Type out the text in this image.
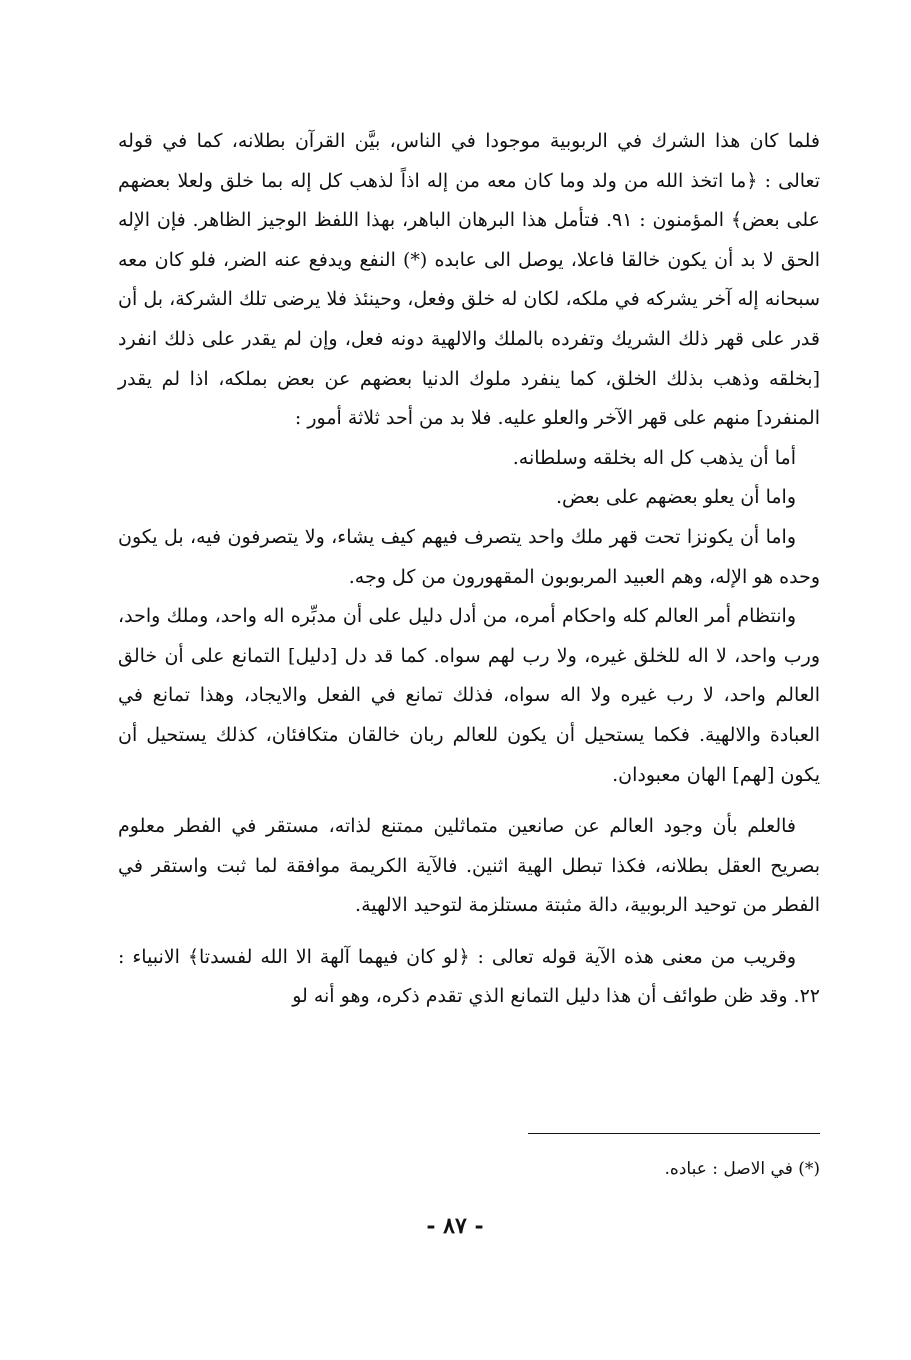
فلما كان هذا الشرك في الربوبية موجودا في الناس، بيَّن القرآن بطلانه، كما في قوله تعالى : ﴿ما اتخذ الله من ولد وما كان معه من إله اذاً لذهب كل إله بما خلق ولعلا بعضهم على بعض﴾ المؤمنون : ٩١. فتأمل هذا البرهان الباهر، بهذا اللفظ الوجيز الظاهر. فإن الإله الحق لا بد أن يكون خالقا فاعلا، يوصل الى عابده (*) النفع ويدفع عنه الضر، فلو كان معه سبحانه إله آخر يشركه في ملكه، لكان له خلق وفعل، وحينئذ فلا يرضى تلك الشركة، بل أن قدر على قهر ذلك الشريك وتفرده بالملك والالهية دونه فعل، وإن لم يقدر على ذلك انفرد [بخلقه وذهب بذلك الخلق، كما ينفرد ملوك الدنيا بعضهم عن بعض بملكه، اذا لم يقدر المنفرد] منهم على قهر الآخر والعلو عليه. فلا بد من أحد ثلاثة أمور :

أما أن يذهب كل اله بخلقه وسلطانه.

واما أن يعلو بعضهم على بعض.

واما أن يكونزا تحت قهر ملك واحد يتصرف فيهم كيف يشاء، ولا يتصرفون فيه، بل يكون وحده هو الإله، وهم العبيد المربوبون المقهورون من كل وجه.

وانتظام أمر العالم كله واحكام أمره، من أدل دليل على أن مدبِّره اله واحد، وملك واحد، ورب واحد، لا اله للخلق غيره، ولا رب لهم سواه. كما قد دل [دليل] التمانع على أن خالق العالم واحد، لا رب غيره ولا اله سواه، فذلك تمانع في الفعل والايجاد، وهذا تمانع في العبادة والالهية. فكما يستحيل أن يكون للعالم ربان خالقان متكافئان، كذلك يستحيل أن يكون [لهم] الهان معبودان.

فالعلم بأن وجود العالم عن صانعين متماثلين ممتنع لذاته، مستقر في الفطر معلوم بصريح العقل بطلانه، فكذا تبطل الهية اثنين. فالآية الكريمة موافقة لما ثبت واستقر في الفطر من توحيد الربوبية، دالة مثبتة مستلزمة لتوحيد الالهية.

وقريب من معنى هذه الآية قوله تعالى : ﴿لو كان فيهما آلهة الا الله لفسدتا﴾ الانبياء : ٢٢. وقد ظن طوائف أن هذا دليل التمانع الذي تقدم ذكره، وهو أنه لو

(*) في الاصل : عباده.
- ٨٧ -
